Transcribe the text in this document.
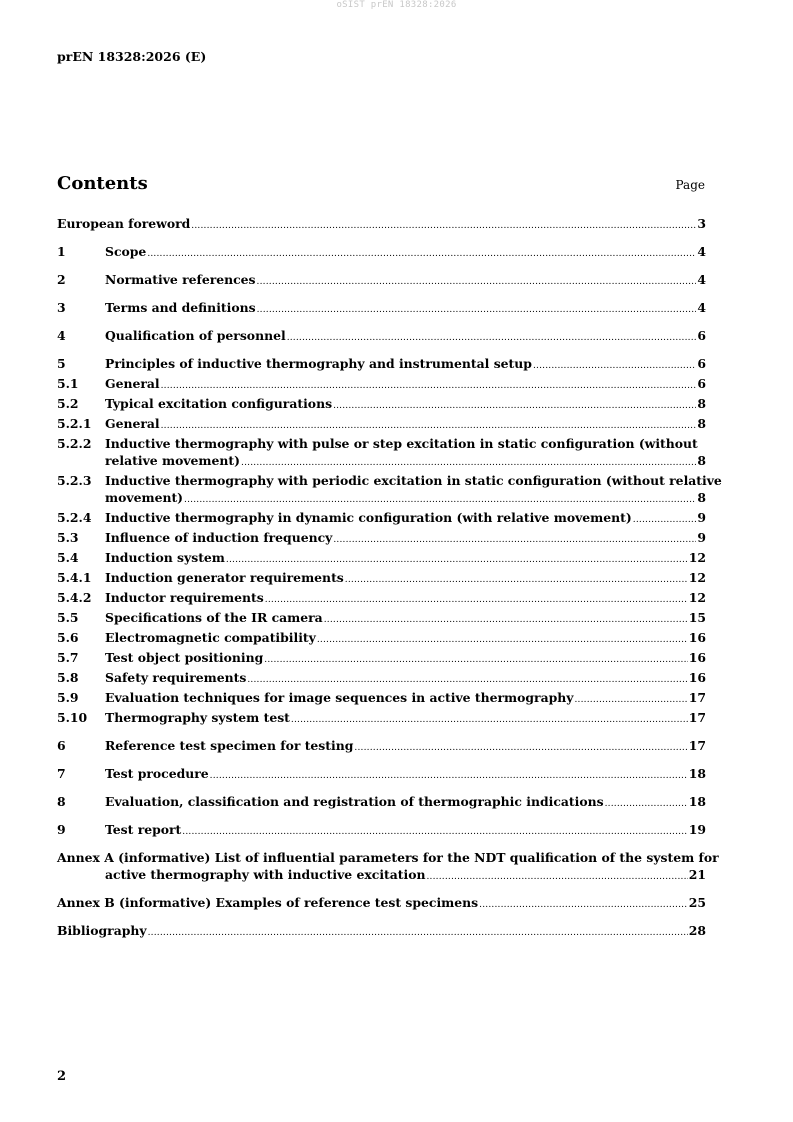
oSIST prEN 18328:2026
prEN 18328:2026 (E)
Contents	Page
European foreword .....	3
1	Scope .....	4
2	Normative references .....	4
3	Terms and definitions .....	4
4	Qualification of personnel .....	6
5	Principles of inductive thermography and instrumental setup .....	6
5.1	General .....	6
5.2	Typical excitation configurations .....	8
5.2.1	General .....	8
5.2.2	Inductive thermography with pulse or step excitation in static configuration (without
relative movement) .....	8
5.2.3	Inductive thermography with periodic excitation in static configuration (without relative
movement) .....	8
5.2.4	Inductive thermography in dynamic configuration (with relative movement) .....	9
5.3	Influence of induction frequency .....	9
5.4	Induction system .....	12
5.4.1	Induction generator requirements .....	12
5.4.2	Inductor requirements .....	12
5.5	Specifications of the IR camera .....	15
5.6	Electromagnetic compatibility .....	16
5.7	Test object positioning .....	16
5.8	Safety requirements .....	16
5.9	Evaluation techniques for image sequences in active thermography .....	17
5.10	Thermography system test .....	17
6	Reference test specimen for testing .....	17
7	Test procedure .....	18
8	Evaluation, classification and registration of thermographic indications .....	18
9	Test report .....	19
Annex A
(informative) List of influential parameters for the NDT qualification of the system for
active thermography with inductive excitation .....	21
Annex B
(informative) Examples of reference test specimens .....	25
Bibliography .....	28
2
